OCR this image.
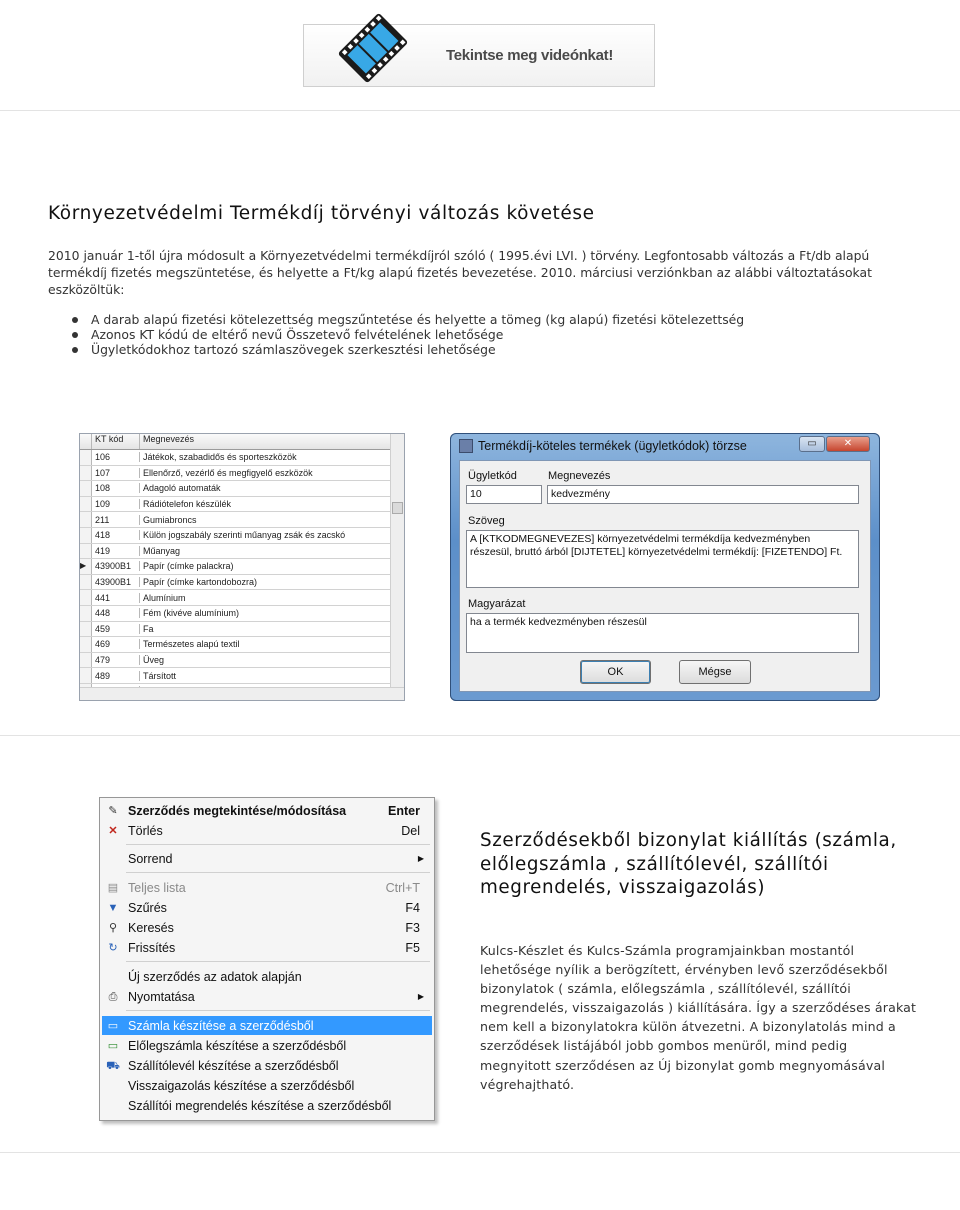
Tekintse meg videónkat!
Környezetvédelmi Termékdíj törvényi változás követése

2010 január 1-től újra módosult a Környezetvédelmi termékdíjról szóló ( 1995.évi LVI. ) törvény. Legfontosabb változás a Ft/db alapú termékdíj fizetés megszüntetése, és helyette a Ft/kg alapú fizetés bevezetése. 2010. márciusi verziónkban az alábbi változtatásokat eszközöltük:

A darab alapú fizetési kötelezettség megszűntetése és helyette a tömeg (kg alapú) fizetési kötelezettség
Azonos KT kódú de eltérő nevű Összetevő felvételének lehetősége
Ügyletkódokhoz tartozó számlaszövegek szerkesztési lehetősége
KT kód	Megnevezés
106	Játékok, szabadidős és sporteszközök
107	Ellenőrző, vezérlő és megfigyelő eszközök
108	Adagoló automaták
109	Rádiótelefon készülék
211	Gumiabroncs
418	Külön jogszabály szerinti műanyag zsák és zacskó
419	Műanyag
▶ 43900B1	Papír (címke palackra)
43900B1	Papír (címke kartondobozra)
441	Alumínium
448	Fém (kivéve alumínium)
459	Fa
469	Természetes alapú textil
479	Üveg
489	Társított
Termékdíj-köteles termékek (ügyletkódok) törzse	▭	✕
Ügyletkód	Megnevezés
10	kedvezmény
Szöveg
A [KTKODMEGNEVEZES] környezetvédelmi termékdíja kedvezményben részesül, bruttó árból [DIJTETEL] környezetvédelmi termékdíj: [FIZETENDO] Ft.
Magyarázat
ha a termék kedvezményben részesül
OK	Mégse
✎ Szerződés megtekintése/módosítása	Enter
✕ Törlés	Del
Sorrend	▶
▤ Teljes lista	Ctrl+T
▼ Szűrés	F4
⚲ Keresés	F3
↻ Frissítés	F5
Új szerződés az adatok alapján
⎙ Nyomtatása	▶
▭ Számla készítése a szerződésből
▭ Előlegszámla készítése a szerződésből
⛟ Szállítólevél készítése a szerződésből
Visszaigazolás készítése a szerződésből
Szállítói megrendelés készítése a szerződésből
Szerződésekből bizonylat kiállítás (számla, előlegszámla , szállítólevél, szállítói megrendelés, visszaigazolás)

Kulcs-Készlet és Kulcs-Számla programjainkban mostantól lehetősége nyílik a berögzített, érvényben levő szerződésekből bizonylatok ( számla, előlegszámla , szállítólevél, szállítói megrendelés, visszaigazolás ) kiállítására. Így a szerződéses árakat nem kell a bizonylatokra külön átvezetni. A bizonylatolás mind a szerződések listájából jobb gombos menüről, mind pedig megnyitott szerződésen az Új bizonylat gomb megnyomásával végrehajtható.
